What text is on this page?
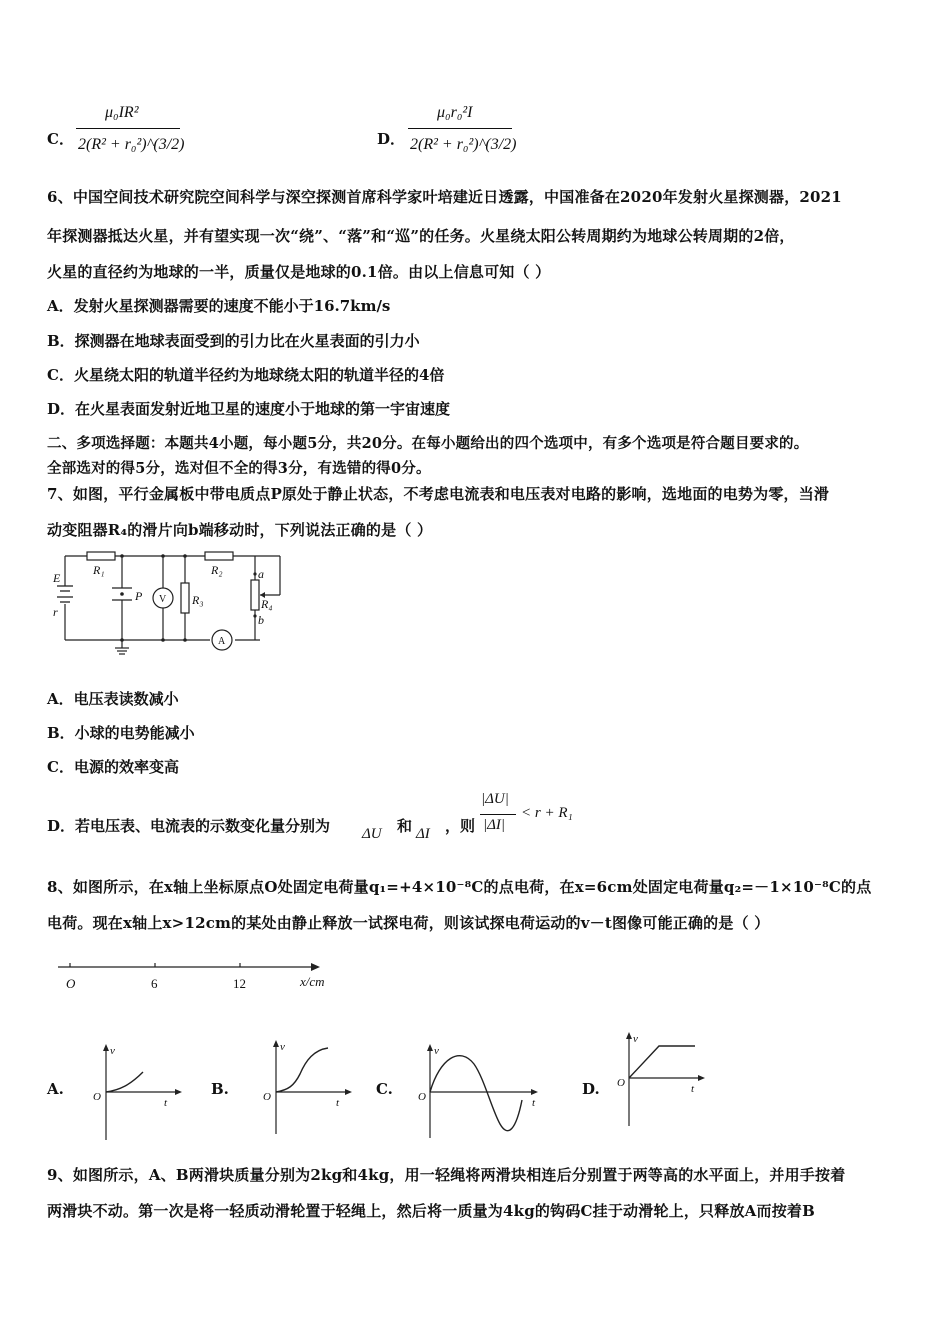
C．
μ₀IR²
2(R² + r₀²)^(3/2)	D．
μ₀r₀²I
2(R² + r₀²)^(3/2)
6、中国空间技术研究院空间科学与深空探测首席科学家叶培建近日透露，中国准备在2020年发射火星探测器，2021
年探测器抵达火星，并有望实现一次“绕”、“落”和“巡”的任务。火星绕太阳公转周期约为地球公转周期的2倍，
火星的直径约为地球的一半，质量仅是地球的0.1倍。由以上信息可知（ ）
A．发射火星探测器需要的速度不能小于16.7km/s
B．探测器在地球表面受到的引力比在火星表面的引力小
C．火星绕太阳的轨道半径约为地球绕太阳的轨道半径的4倍
D．在火星表面发射近地卫星的速度小于地球的第一宇宙速度
二、多项选择题：本题共4小题，每小题5分，共20分。在每小题给出的四个选项中，有多个选项是符合题目要求的。
全部选对的得5分，选对但不全的得3分，有选错的得0分。
7、如图，平行金属板中带电质点P原处于静止状态，不考虑电流表和电压表对电路的影响，选地面的电势为零，当滑
动变阻器R₄的滑片向b端移动时，下列说法正确的是（ ）
E
r
R₁	R₂
R₃	R₄
P
a
b
V
A
A．电压表读数减小
B．小球的电势能减小
C．电源的效率变高
D．若电压表、电流表的示数变化量分别为 ΔU 和 ΔI ，则
|ΔU|
|ΔI|
< r + R₁
8、如图所示，在x轴上坐标原点O处固定电荷量q₁=+4×10⁻⁸C的点电荷，在x=6cm处固定电荷量q₂=－1×10⁻⁸C的点
电荷。现在x轴上x>12cm的某处由静止释放一试探电荷，则该试探电荷运动的v－t图像可能正确的是（ ）
O	6	12	x/cm
A.
v
O	t
B.
v
O	t
C.
v
O	t
D.
v
O	t
9、如图所示，A、B两滑块质量分别为2kg和4kg，用一轻绳将两滑块相连后分别置于两等高的水平面上，并用手按着
两滑块不动。第一次是将一轻质动滑轮置于轻绳上，然后将一质量为4kg的钩码C挂于动滑轮上，只释放A而按着B
